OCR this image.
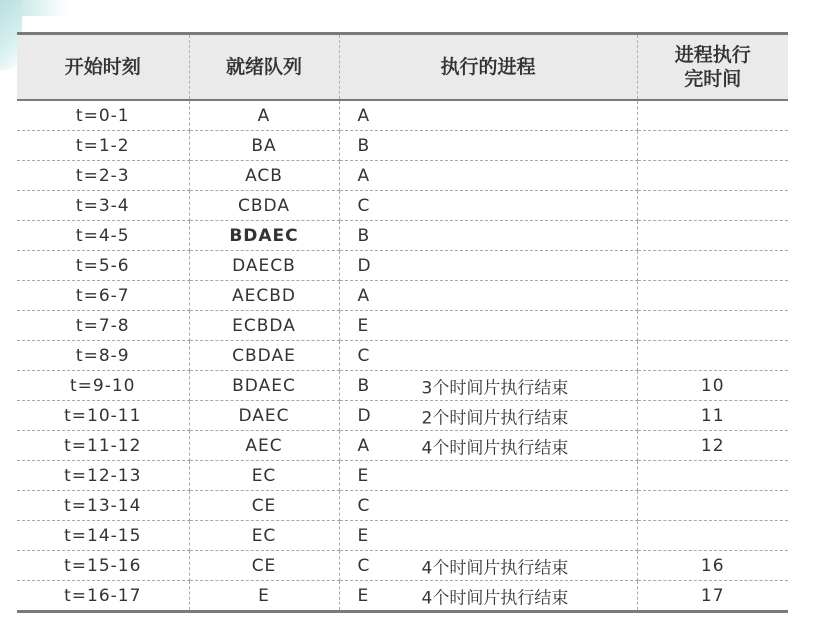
开始时刻	就绪队列	执行的进程	进程执行
完时间
t=0-1	A	A	

t=1-2	BA	B	

t=2-3	ACB	A	

t=3-4	CBDA	C	

t=4-5	BDAEC	B	

t=5-6	DAECB	D	

t=6-7	AECBD	A	

t=7-8	ECBDA	E	

t=8-9	CBDAE	C	

t=9-10	BDAEC	B 3个时间片执行结束	10
t=10-11	DAEC	D 2个时间片执行结束	11
t=11-12	AEC	A 4个时间片执行结束	12
t=12-13	EC	E	

t=13-14	CE	C	

t=14-15	EC	E	

t=15-16	CE	C 4个时间片执行结束	16
t=16-17	E	E 4个时间片执行结束	17
